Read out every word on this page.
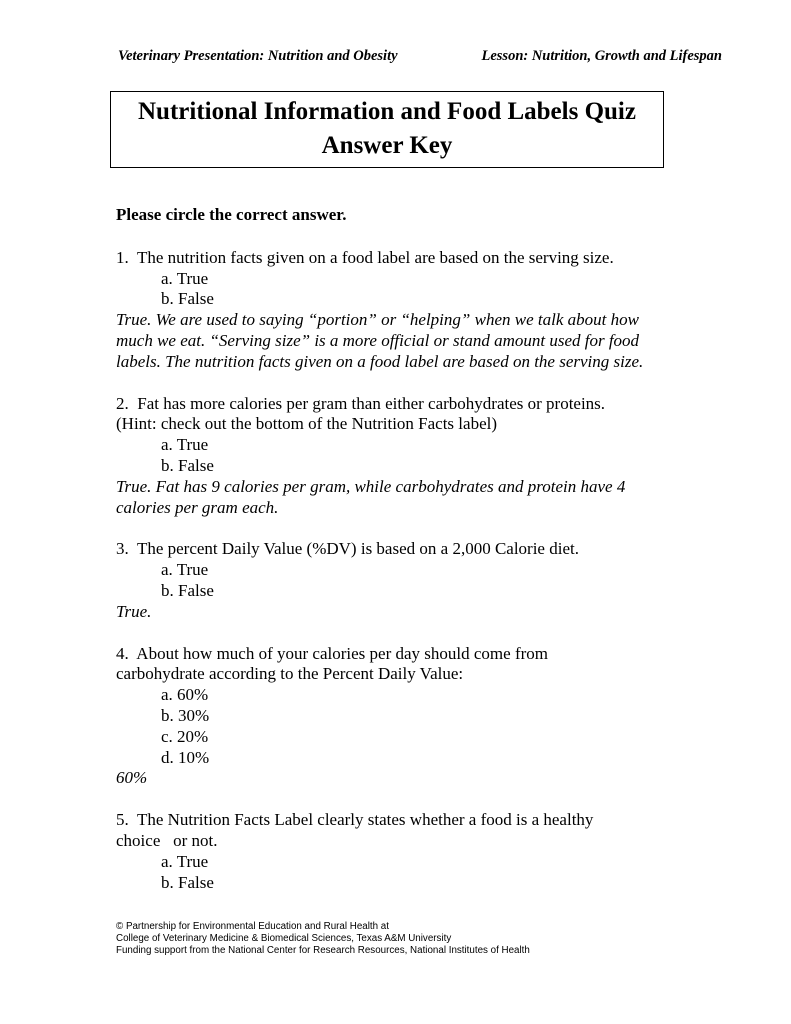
Veterinary Presentation: Nutrition and Obesity	Lesson: Nutrition, Growth and Lifespan
Nutritional Information and Food Labels Quiz
Answer Key
Please circle the correct answer.
1.  The nutrition facts given on a food label are based on the serving size.
a. True
b. False
True. We are used to saying “portion” or “helping” when we talk about how much we eat. “Serving size” is a more official or stand amount used for food labels. The nutrition facts given on a food label are based on the serving size.
2.  Fat has more calories per gram than either carbohydrates or proteins.
(Hint: check out the bottom of the Nutrition Facts label)
a. True
b. False
True. Fat has 9 calories per gram, while carbohydrates and protein have 4 calories per gram each.
3.  The percent Daily Value (%DV) is based on a 2,000 Calorie diet.
a. True
b. False
True.
4.  About how much of your calories per day should come from
carbohydrate according to the Percent Daily Value:
a. 60%
b. 30%
c. 20%
d. 10%
60%
5.  The Nutrition Facts Label clearly states whether a food is a healthy
choice   or not.
a. True
b. False
© Partnership for Environmental Education and Rural Health at
College of Veterinary Medicine & Biomedical Sciences, Texas A&M University
Funding support from the National Center for Research Resources, National Institutes of Health
